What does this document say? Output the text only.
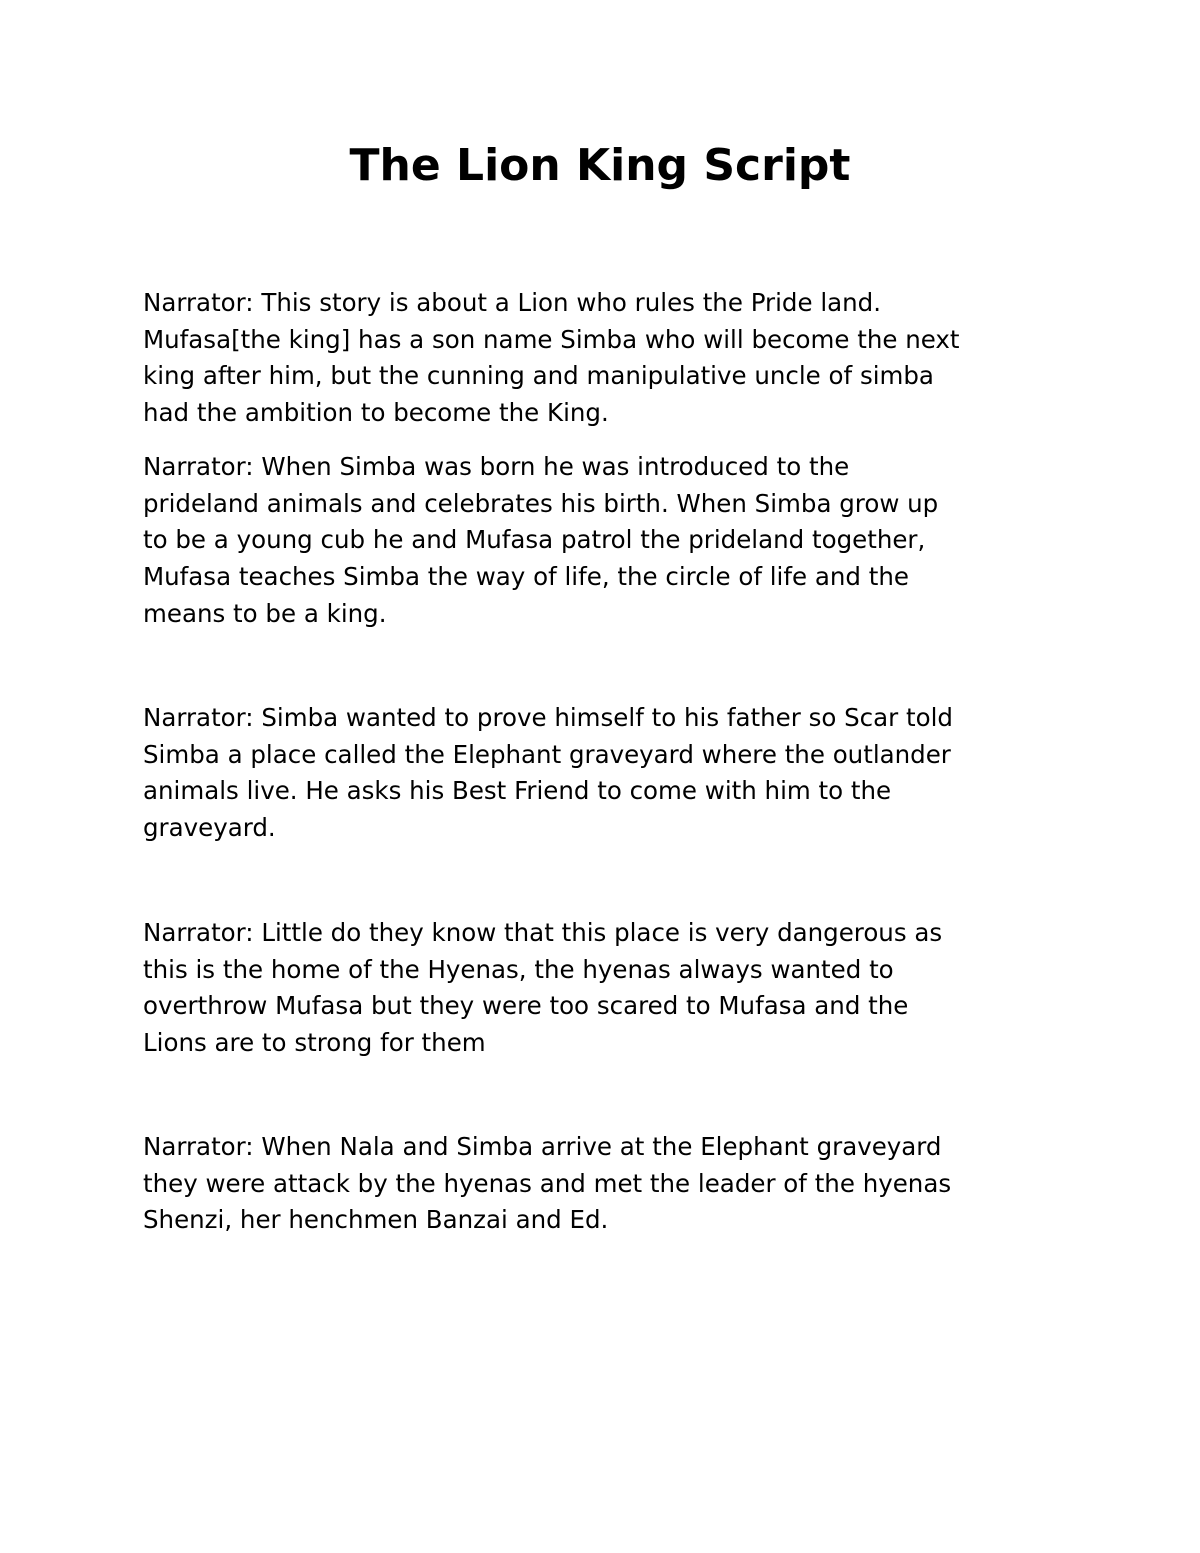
The Lion King Script
Narrator: This story is about a Lion who rules the Pride land.
Mufasa[the king] has a son name Simba who will become the next
king after him, but the cunning and manipulative uncle of simba
had the ambition to become the King.
Narrator: When Simba was born he was introduced to the
prideland animals and celebrates his birth. When Simba grow up
to be a young cub he and Mufasa patrol the prideland together,
Mufasa teaches Simba the way of life, the circle of life and the
means to be a king.
Narrator: Simba wanted to prove himself to his father so Scar told
Simba a place called the Elephant graveyard where the outlander
animals live. He asks his Best Friend to come with him to the
graveyard.
Narrator: Little do they know that this place is very dangerous as
this is the home of the Hyenas, the hyenas always wanted to
overthrow Mufasa but they were too scared to Mufasa and the
Lions are to strong for them
Narrator: When Nala and Simba arrive at the Elephant graveyard
they were attack by the hyenas and met the leader of the hyenas
Shenzi, her henchmen Banzai and Ed.
